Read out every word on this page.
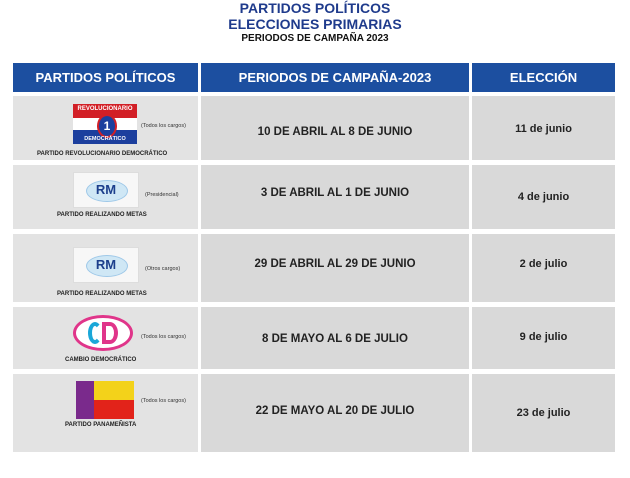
PARTIDOS POLÍTICOS
ELECCIONES PRIMARIAS
PERIODOS DE CAMPAÑA 2023
PARTIDOS POLÍTICOS	PERIODOS DE CAMPAÑA-2023	ELECCIÓN
REVOLUCIONARIO
1
DEMOCRÁTICO
(Todos los cargos)
PARTIDO REVOLUCIONARIO DEMOCRÁTICO
10 DE ABRIL AL 8 DE JUNIO	11 de junio
RM	(Presidencial)
PARTIDO REALIZANDO METAS
3 DE ABRIL AL 1 DE JUNIO	4 de junio
RM	(Otros cargos)
PARTIDO REALIZANDO METAS
29 DE ABRIL AL 29 DE JUNIO	2 de julio
(Todos los cargos)
CAMBIO DEMOCRÁTICO
8 DE MAYO AL 6 DE JULIO	9 de julio
(Todos los cargos)
PARTIDO PANAMEÑISTA
22 DE MAYO AL 20 DE JULIO	23 de julio
